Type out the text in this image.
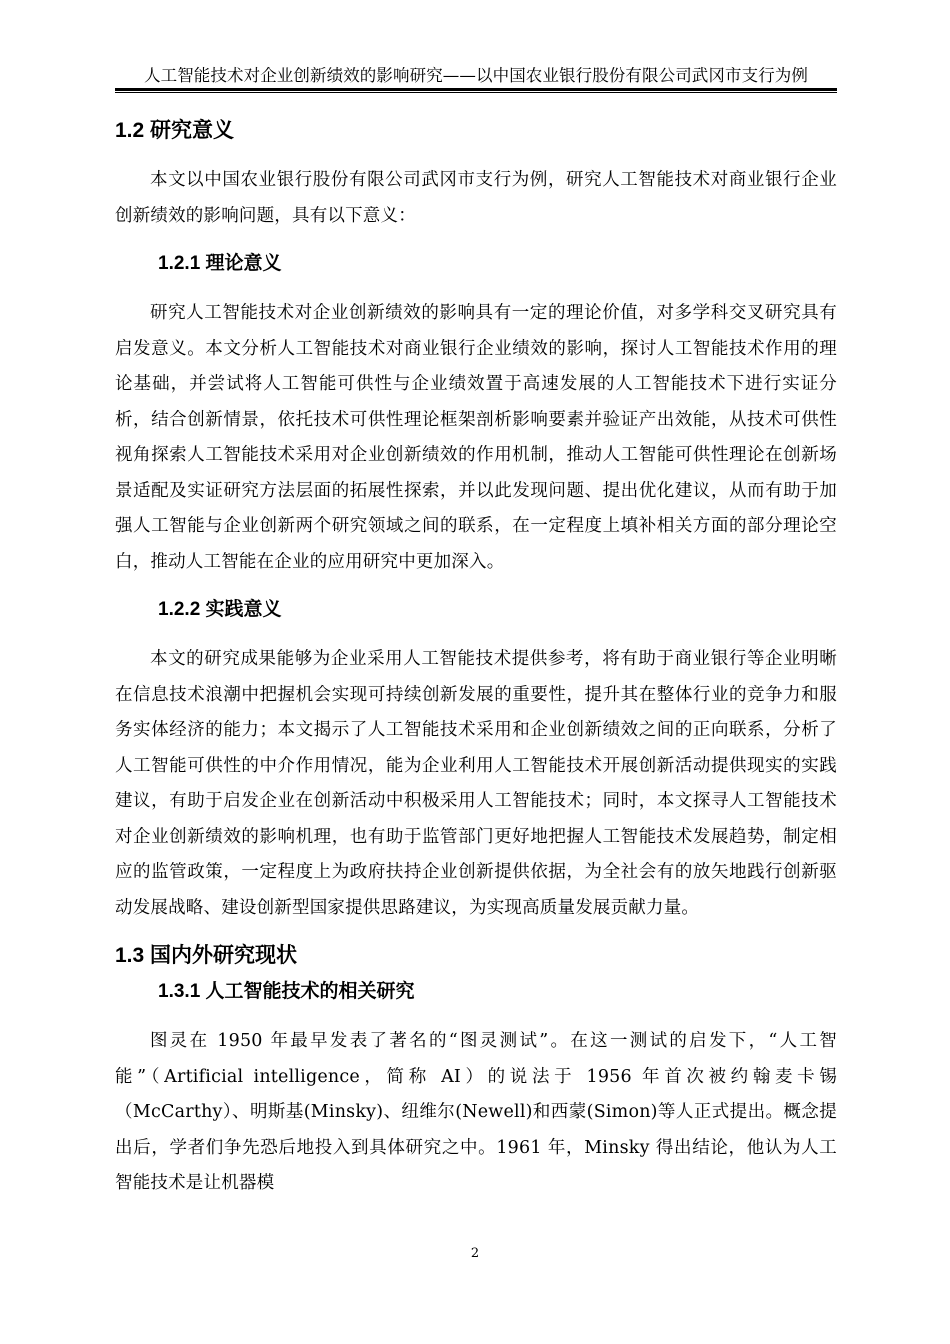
人工智能技术对企业创新绩效的影响研究——以中国农业银行股份有限公司武冈市支行为例
1.2 研究意义

本文以中国农业银行股份有限公司武冈市支行为例，研究人工智能技术对商业银行企业创新绩效的影响问题，具有以下意义：

1.2.1 理论意义

研究人工智能技术对企业创新绩效的影响具有一定的理论价值，对多学科交叉研究具有启发意义。本文分析人工智能技术对商业银行企业绩效的影响，探讨人工智能技术作用的理论基础，并尝试将人工智能可供性与企业绩效置于高速发展的人工智能技术下进行实证分析，结合创新情景，依托技术可供性理论框架剖析影响要素并验证产出效能，从技术可供性视角探索人工智能技术采用对企业创新绩效的作用机制，推动人工智能可供性理论在创新场景适配及实证研究方法层面的拓展性探索，并以此发现问题、提出优化建议，从而有助于加强人工智能与企业创新两个研究领域之间的联系，在一定程度上填补相关方面的部分理论空白，推动人工智能在企业的应用研究中更加深入。

1.2.2 实践意义

本文的研究成果能够为企业采用人工智能技术提供参考，将有助于商业银行等企业明晰在信息技术浪潮中把握机会实现可持续创新发展的重要性，提升其在整体行业的竞争力和服务实体经济的能力；本文揭示了人工智能技术采用和企业创新绩效之间的正向联系，分析了人工智能可供性的中介作用情况，能为企业利用人工智能技术开展创新活动提供现实的实践建议，有助于启发企业在创新活动中积极采用人工智能技术；同时，本文探寻人工智能技术对企业创新绩效的影响机理，也有助于监管部门更好地把握人工智能技术发展趋势，制定相应的监管政策，一定程度上为政府扶持企业创新提供依据，为全社会有的放矢地践行创新驱动发展战略、建设创新型国家提供思路建议，为实现高质量发展贡献力量。

1.3 国内外研究现状
1.3.1 人工智能技术的相关研究

图灵在 1950 年最早发表了著名的“图灵测试”。在这一测试的启发下，“人工智能”（Artificial intelligence，简称 AI）的说法于 1956 年首次被约翰麦卡锡（McCarthy）、明斯基(Minsky)、纽维尔(Newell)和西蒙(Simon)等人正式提出。概念提出后，学者们争先恐后地投入到具体研究之中。1961 年，Minsky 得出结论，他认为人工智能技术是让机器模

2
